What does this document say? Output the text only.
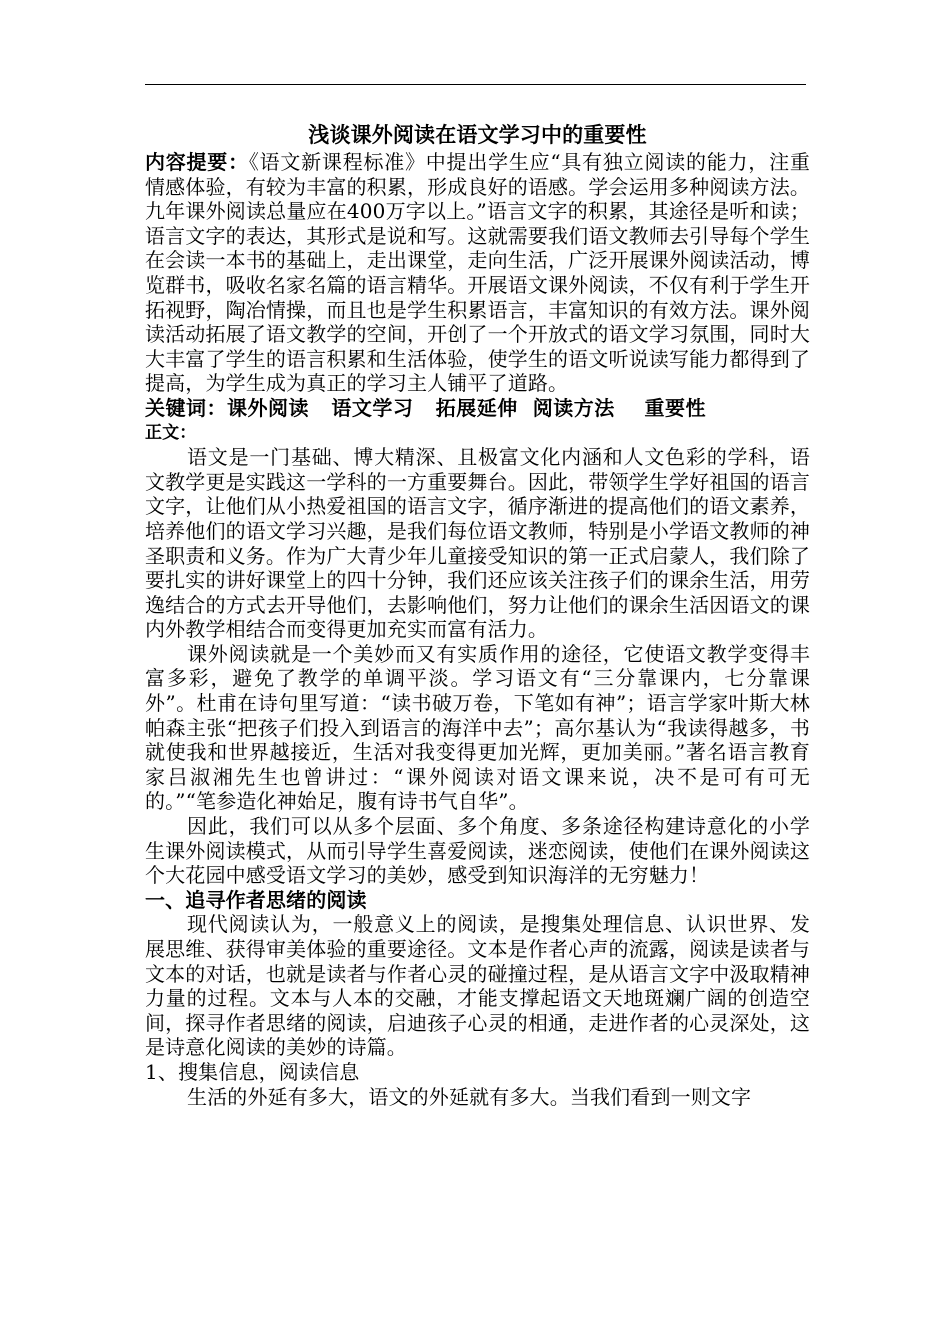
浅谈课外阅读在语文学习中的重要性

内容提要：《语文新课程标准》中提出学生应“具有独立阅读的能力，注重情感体验，有较为丰富的积累，形成良好的语感。学会运用多种阅读方法。九年课外阅读总量应在400万字以上。”语言文字的积累，其途径是听和读；语言文字的表达，其形式是说和写。这就需要我们语文教师去引导每个学生在会读一本书的基础上，走出课堂，走向生活，广泛开展课外阅读活动，博览群书，吸收名家名篇的语言精华。开展语文课外阅读，不仅有利于学生开拓视野，陶冶情操，而且也是学生积累语言，丰富知识的有效方法。课外阅读活动拓展了语文教学的空间，开创了一个开放式的语文学习氛围，同时大大丰富了学生的语言积累和生活体验，使学生的语文听说读写能力都得到了提高，为学生成为真正的学习主人铺平了道路。

关键词：课外阅读   语文学习   拓展延伸  阅读方法    重要性

正文：

语文是一门基础、博大精深、且极富文化内涵和人文色彩的学科，语文教学更是实践这一学科的一方重要舞台。因此，带领学生学好祖国的语言文字，让他们从小热爱祖国的语言文字，循序渐进的提高他们的语文素养，培养他们的语文学习兴趣，是我们每位语文教师，特别是小学语文教师的神圣职责和义务。作为广大青少年儿童接受知识的第一正式启蒙人，我们除了要扎实的讲好课堂上的四十分钟，我们还应该关注孩子们的课余生活，用劳逸结合的方式去开导他们，去影响他们，努力让他们的课余生活因语文的课内外教学相结合而变得更加充实而富有活力。

课外阅读就是一个美妙而又有实质作用的途径，它使语文教学变得丰富多彩，避免了教学的单调平淡。学习语文有“三分靠课内，七分靠课外”。杜甫在诗句里写道：“读书破万卷，下笔如有神”；语言学家叶斯大林帕森主张“把孩子们投入到语言的海洋中去”；高尔基认为“我读得越多，书就使我和世界越接近，生活对我变得更加光辉，更加美丽。”著名语言教育家吕淑湘先生也曾讲过：“课外阅读对语文课来说，决不是可有可无的。”“笔参造化神始足，腹有诗书气自华”。

因此，我们可以从多个层面、多个角度、多条途径构建诗意化的小学生课外阅读模式，从而引导学生喜爱阅读，迷恋阅读，使他们在课外阅读这个大花园中感受语文学习的美妙，感受到知识海洋的无穷魅力！

一、追寻作者思绪的阅读

现代阅读认为，一般意义上的阅读，是搜集处理信息、认识世界、发展思维、获得审美体验的重要途径。文本是作者心声的流露，阅读是读者与文本的对话，也就是读者与作者心灵的碰撞过程，是从语言文字中汲取精神力量的过程。文本与人本的交融，才能支撑起语文天地斑斓广阔的创造空间，探寻作者思绪的阅读，启迪孩子心灵的相通，走进作者的心灵深处，这是诗意化阅读的美妙的诗篇。

1、搜集信息，阅读信息

生活的外延有多大，语文的外延就有多大。当我们看到一则文字
